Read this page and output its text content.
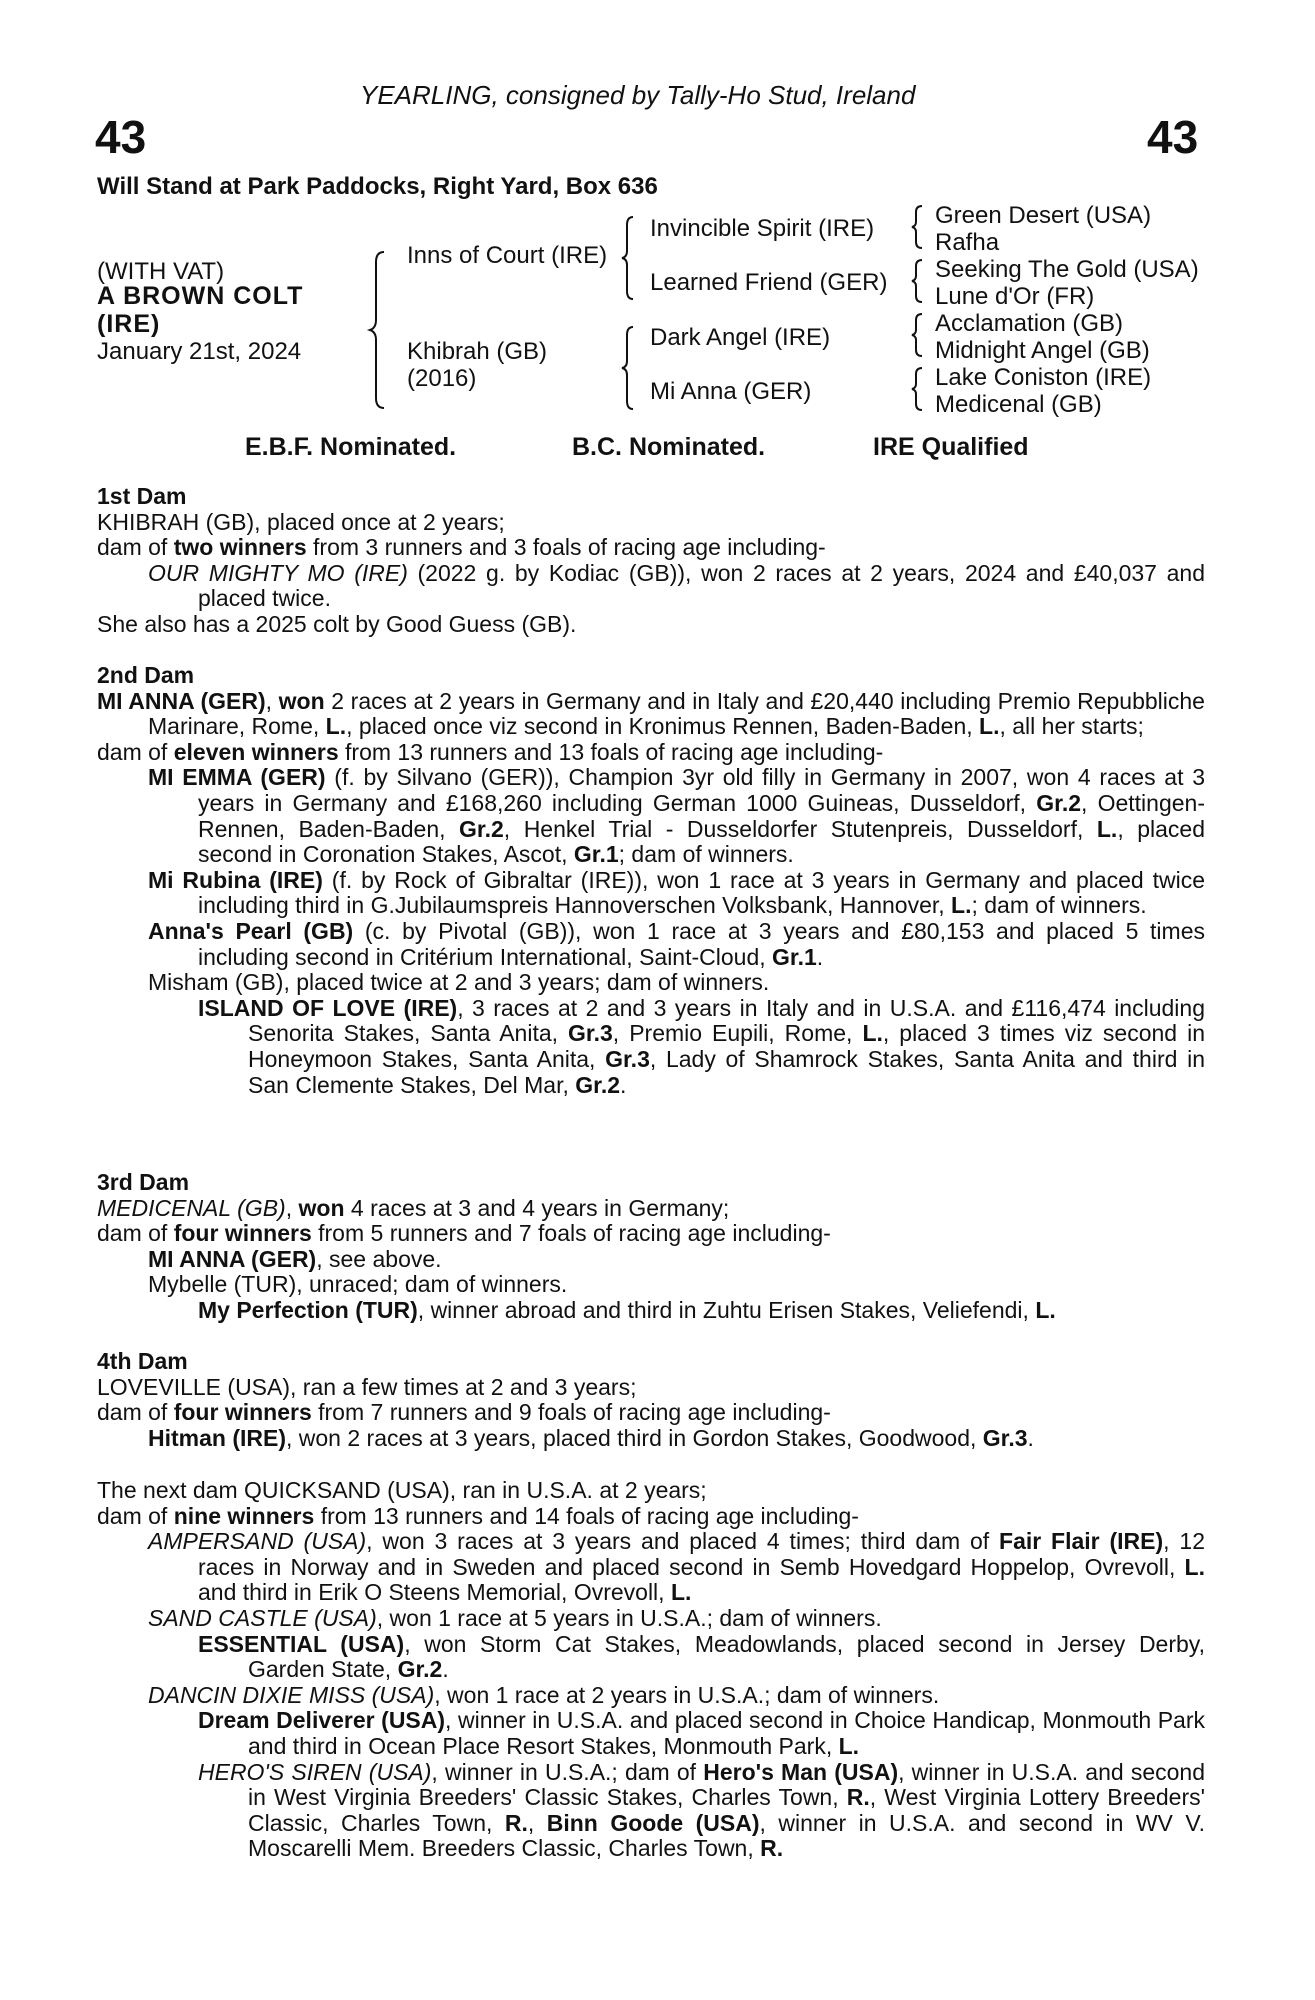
YEARLING, consigned by Tally-Ho Stud, Ireland
43	43
Will Stand at Park Paddocks, Right Yard, Box 636
(WITH VAT)
A BROWN COLT
(IRE)
January 21st, 2024
Inns of Court (IRE)
Khibrah (GB)
(2016)
Invincible Spirit (IRE)
Learned Friend (GER)
Dark Angel (IRE)
Mi Anna (GER)
Green Desert (USA)
Rafha
Seeking The Gold (USA)
Lune d'Or (FR)
Acclamation (GB)
Midnight Angel (GB)
Lake Coniston (IRE)
Medicenal (GB)
E.B.F. Nominated.	B.C. Nominated.	IRE Qualified
1st Dam
KHIBRAH (GB), placed once at 2 years;
dam of two winners from 3 runners and 3 foals of racing age including-
OUR MIGHTY MO (IRE) (2022 g. by Kodiac (GB)), won 2 races at 2 years, 2024 and £40,037 and placed twice.
She also has a 2025 colt by Good Guess (GB).
2nd Dam
MI ANNA (GER), won 2 races at 2 years in Germany and in Italy and £20,440 including Premio Repubbliche Marinare, Rome, L., placed once viz second in Kronimus Rennen, Baden-Baden, L., all her starts;
dam of eleven winners from 13 runners and 13 foals of racing age including-
MI EMMA (GER) (f. by Silvano (GER)), Champion 3yr old filly in Germany in 2007, won 4 races at 3 years in Germany and £168,260 including German 1000 Guineas, Dusseldorf, Gr.2, Oettingen-Rennen, Baden-Baden, Gr.2, Henkel Trial - Dusseldorfer Stutenpreis, Dusseldorf, L., placed second in Coronation Stakes, Ascot, Gr.1; dam of winners.
Mi Rubina (IRE) (f. by Rock of Gibraltar (IRE)), won 1 race at 3 years in Germany and placed twice including third in G.Jubilaumspreis Hannoverschen Volksbank, Hannover, L.; dam of winners.
Anna's Pearl (GB) (c. by Pivotal (GB)), won 1 race at 3 years and £80,153 and placed 5 times including second in Critérium International, Saint-Cloud, Gr.1.
Misham (GB), placed twice at 2 and 3 years; dam of winners.
ISLAND OF LOVE (IRE), 3 races at 2 and 3 years in Italy and in U.S.A. and £116,474 including Senorita Stakes, Santa Anita, Gr.3, Premio Eupili, Rome, L., placed 3 times viz second in Honeymoon Stakes, Santa Anita, Gr.3, Lady of Shamrock Stakes, Santa Anita and third in San Clemente Stakes, Del Mar, Gr.2.
3rd Dam
MEDICENAL (GB), won 4 races at 3 and 4 years in Germany;
dam of four winners from 5 runners and 7 foals of racing age including-
MI ANNA (GER), see above.
Mybelle (TUR), unraced; dam of winners.
My Perfection (TUR), winner abroad and third in Zuhtu Erisen Stakes, Veliefendi, L.
4th Dam
LOVEVILLE (USA), ran a few times at 2 and 3 years;
dam of four winners from 7 runners and 9 foals of racing age including-
Hitman (IRE), won 2 races at 3 years, placed third in Gordon Stakes, Goodwood, Gr.3.
The next dam QUICKSAND (USA), ran in U.S.A. at 2 years;
dam of nine winners from 13 runners and 14 foals of racing age including-
AMPERSAND (USA), won 3 races at 3 years and placed 4 times; third dam of Fair Flair (IRE), 12 races in Norway and in Sweden and placed second in Semb Hovedgard Hoppelop, Ovrevoll, L. and third in Erik O Steens Memorial, Ovrevoll, L.
SAND CASTLE (USA), won 1 race at 5 years in U.S.A.; dam of winners.
ESSENTIAL (USA), won Storm Cat Stakes, Meadowlands, placed second in Jersey Derby, Garden State, Gr.2.
DANCIN DIXIE MISS (USA), won 1 race at 2 years in U.S.A.; dam of winners.
Dream Deliverer (USA), winner in U.S.A. and placed second in Choice Handicap, Monmouth Park and third in Ocean Place Resort Stakes, Monmouth Park, L.
HERO'S SIREN (USA), winner in U.S.A.; dam of Hero's Man (USA), winner in U.S.A. and second in West Virginia Breeders' Classic Stakes, Charles Town, R., West Virginia Lottery Breeders' Classic, Charles Town, R., Binn Goode (USA), winner in U.S.A. and second in WV V. Moscarelli Mem. Breeders Classic, Charles Town, R.
